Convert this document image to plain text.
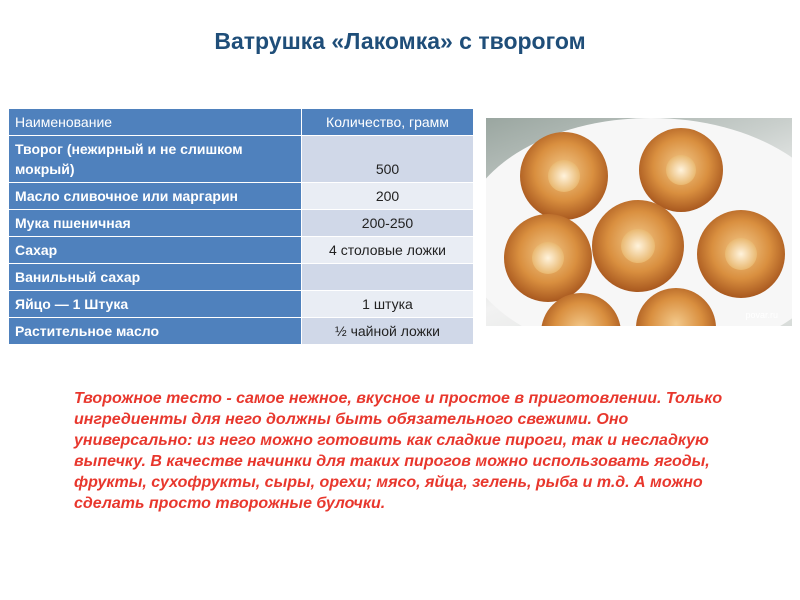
Ватрушка «Лакомка» с творогом
Наименование	Количество, грамм
Творог (нежирный и не слишком мокрый)	500
Масло сливочное или маргарин	200
Мука пшеничная	200-250
Сахар	4 столовые ложки
Ванильный сахар	
Яйцо — 1 Штука	1 штука
Растительное масло	½ чайной ложки
povar.ru
Творожное тесто - самое нежное, вкусное и простое в приготовлении. Только ингредиенты для него должны быть обязательного свежими. Оно универсально: из него можно готовить как сладкие пироги, так и несладкую выпечку. В качестве начинки для таких пирогов можно использовать ягоды, фрукты, сухофрукты, сыры, орехи; мясо, яйца, зелень, рыба и т.д. А можно сделать просто творожные булочки.
